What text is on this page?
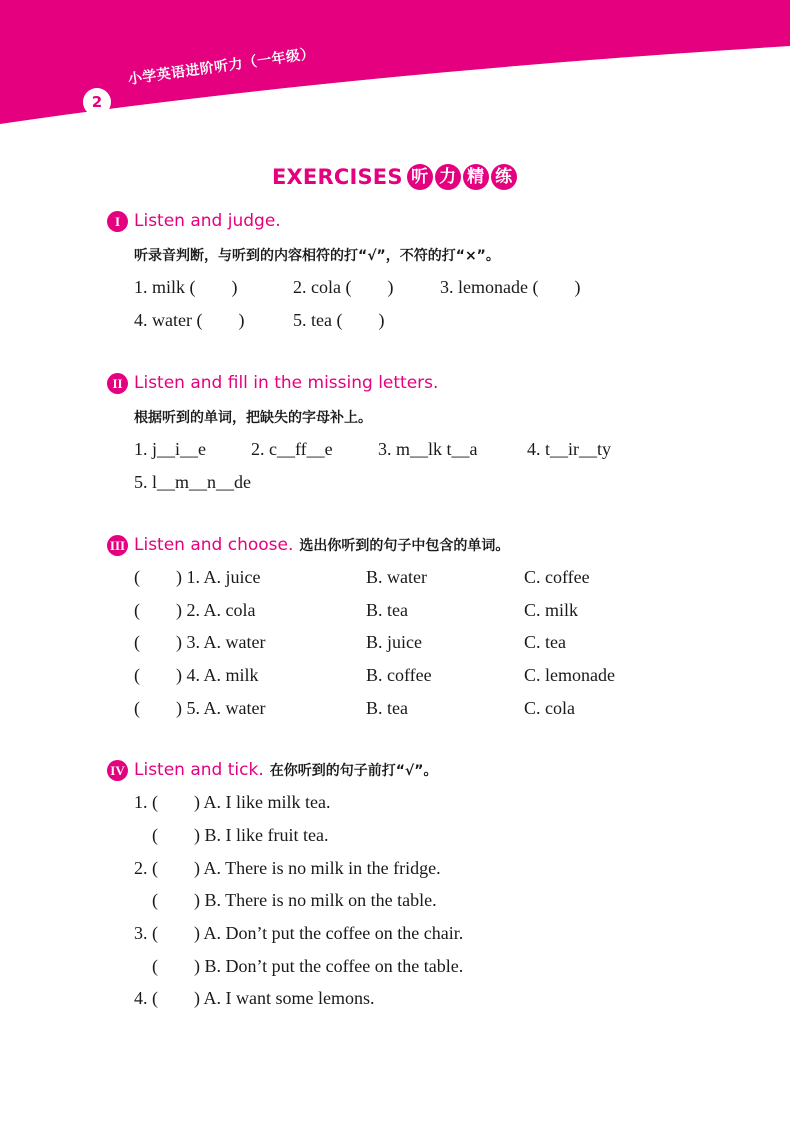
小学英语进阶听力（一年级）
2
EXERCISES 听 力 精 练
I Listen and judge.
听录音判断，与听到的内容相符的打“√”，不符的打“×”。
1. milk (        )	2. cola (        )	3. lemonade (        )
4. water (        )	5. tea (        )
II Listen and fill in the missing letters.
根据听到的单词，把缺失的字母补上。
1. j__i__e	2. c__ff__e	3. m__lk t__a	4. t__ir__ty
5. l__m__n__de
III Listen and choose. 选出你听到的句子中包含的单词。
(        ) 1. A. juice	B. water	C. coffee
(        ) 2. A. cola	B. tea	C. milk
(        ) 3. A. water	B. juice	C. tea
(        ) 4. A. milk	B. coffee	C. lemonade
(        ) 5. A. water	B. tea	C. cola
IV Listen and tick. 在你听到的句子前打“√”。
1. (        ) A. I like milk tea.
(        ) B. I like fruit tea.
2. (        ) A. There is no milk in the fridge.
(        ) B. There is no milk on the table.
3. (        ) A. Don’t put the coffee on the chair.
(        ) B. Don’t put the coffee on the table.
4. (        ) A. I want some lemons.
